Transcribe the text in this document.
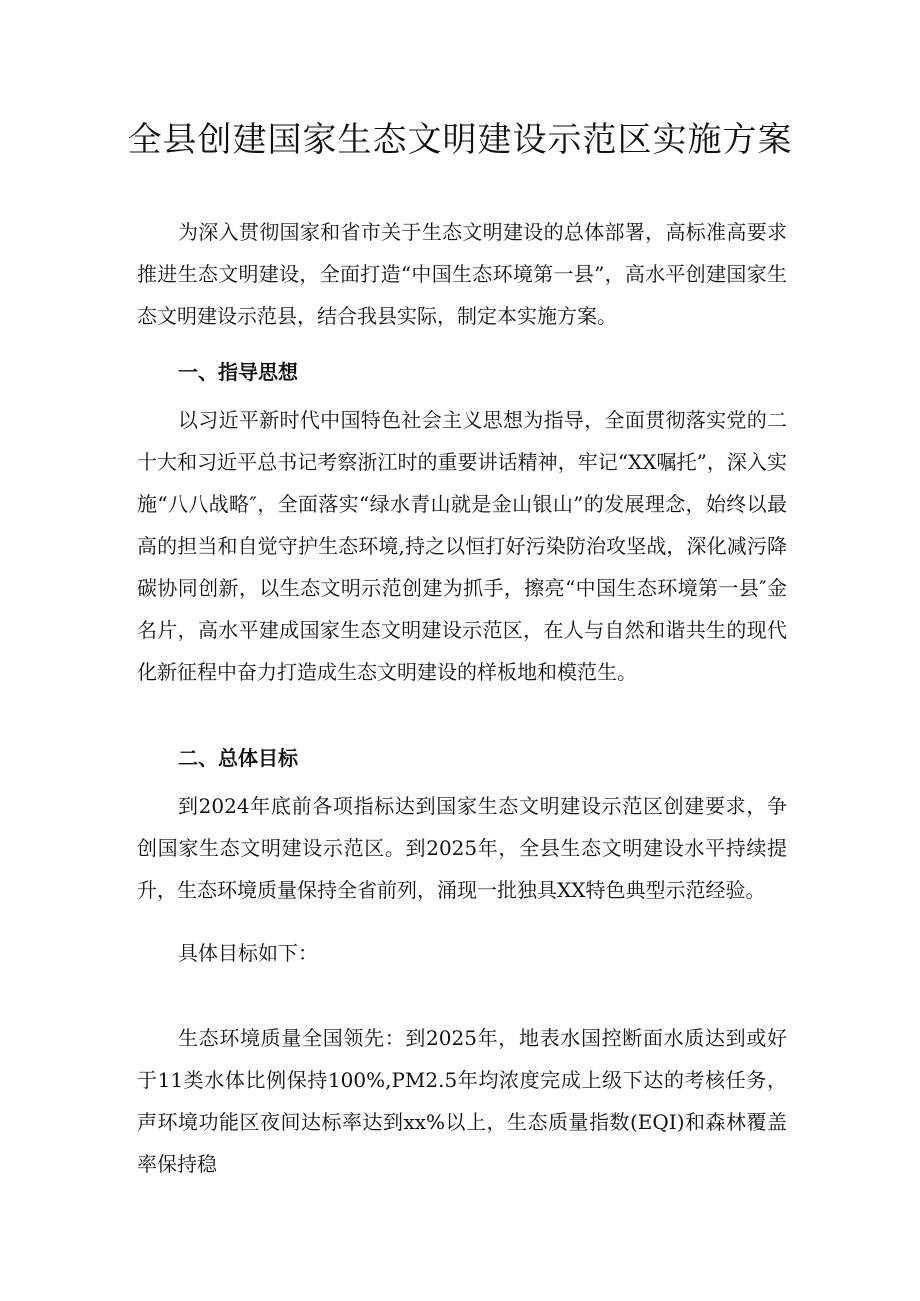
全县创建国家生态文明建设示范区实施方案

为深入贯彻国家和省市关于生态文明建设的总体部署，高标准高要求推进生态文明建设，全面打造“中国生态环境第一县”，高水平创建国家生态文明建设示范县，结合我县实际，制定本实施方案。

一、指导思想

以习近平新时代中国特色社会主义思想为指导，全面贯彻落实党的二十大和习近平总书记考察浙江时的重要讲话精神，牢记“XX嘱托”，深入实施“八八战略″，全面落实“绿水青山就是金山银山”的发展理念，始终以最高的担当和自觉守护生态环境,持之以恒打好污染防治攻坚战，深化减污降碳协同创新，以生态文明示范创建为抓手，擦亮“中国生态环境第一县″金名片，高水平建成国家生态文明建设示范区，在人与自然和谐共生的现代化新征程中奋力打造成生态文明建设的样板地和模范生。

二、总体目标

到2024年底前各项指标达到国家生态文明建设示范区创建要求，争创国家生态文明建设示范区。到2025年，全县生态文明建设水平持续提升，生态环境质量保持全省前列，涌现一批独具XX特色典型示范经验。

具体目标如下：

生态环境质量全国领先：到2025年，地表水国控断面水质达到或好于11类水体比例保持100%,PM2.5年均浓度完成上级下达的考核任务，声环境功能区夜间达标率达到xx%以上，生态质量指数(EQI)和森林覆盖率保持稳
